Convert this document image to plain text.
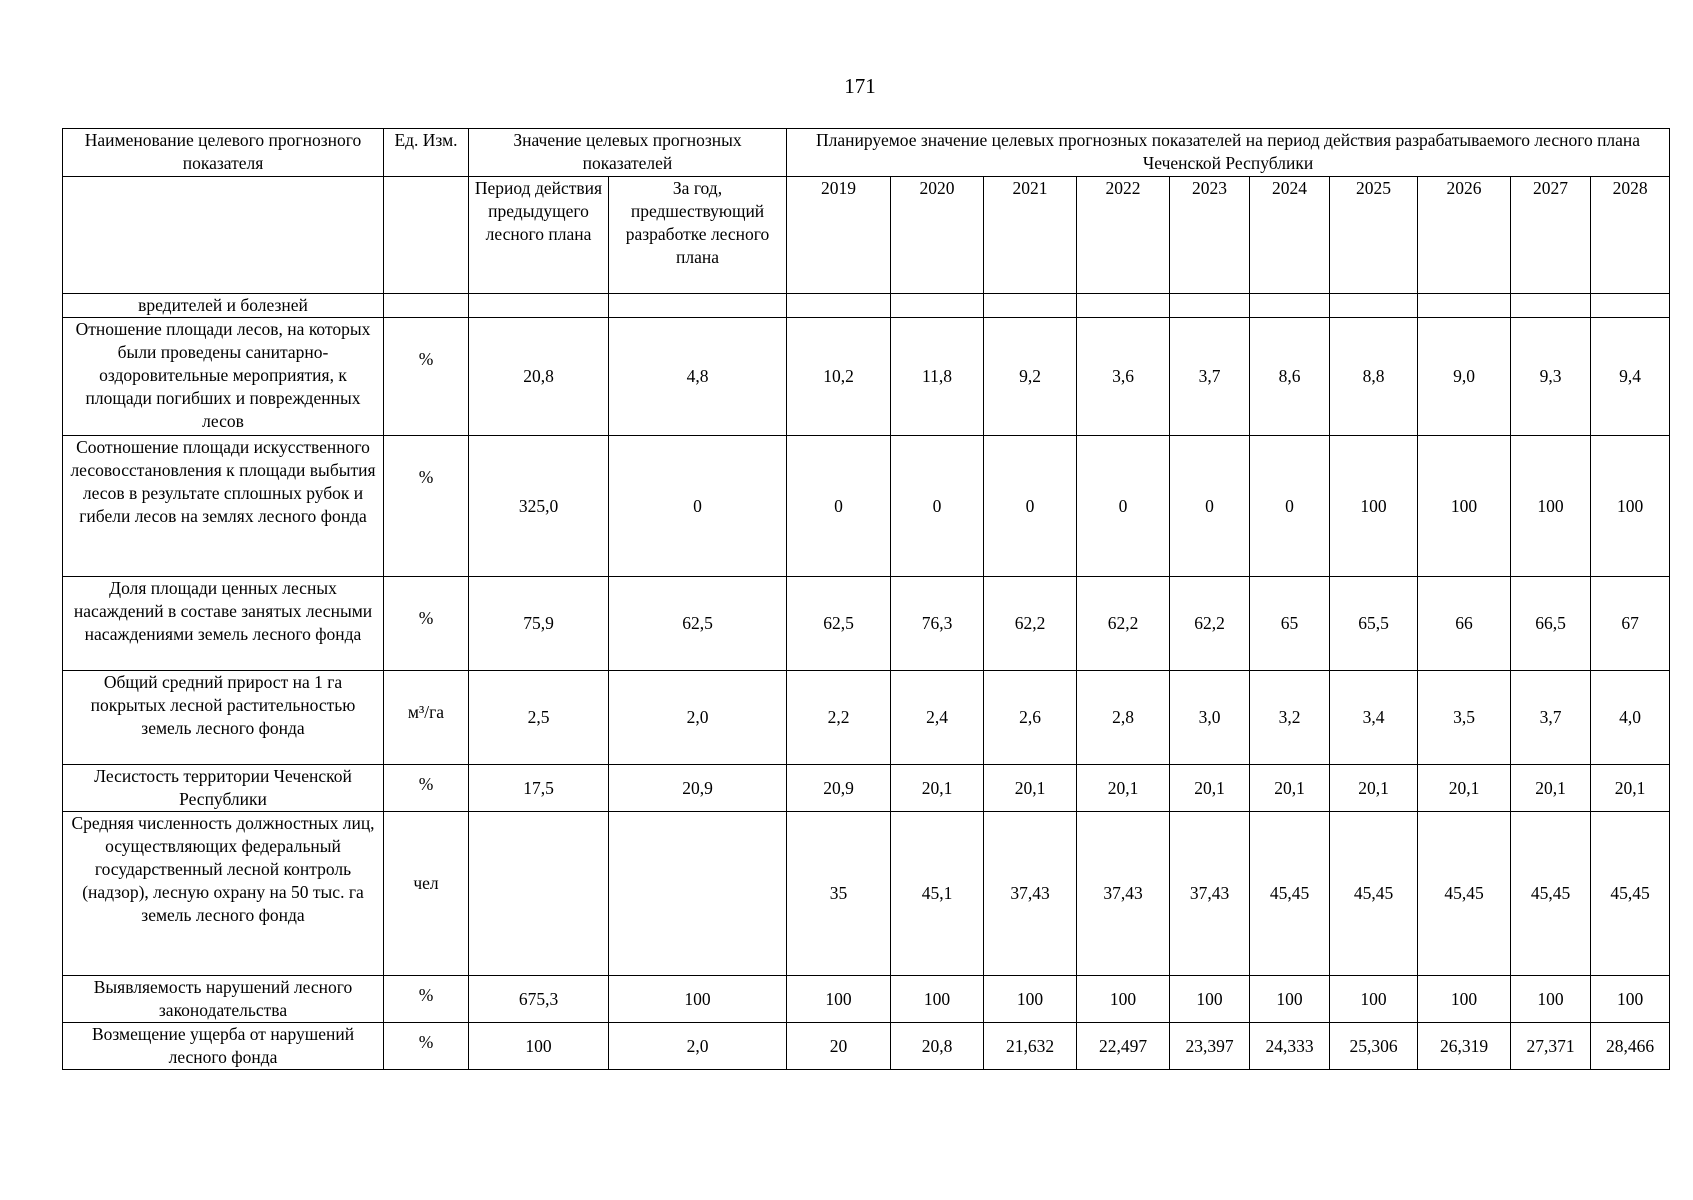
171
Наименование целевого прогнозного показателя	Ед. Изм.	Значение целевых прогнозных показателей		Планируемое значение целевых прогнозных показателей на период действия разрабатываемого лесного плана Чеченской Республики									
		Период действия предыдущего лесного плана	За год, предшествующий разработке лесного плана	2019	2020	2021	2022	2023	2024	2025	2026	2027	2028
вредителей и болезней													
Отношение площади лесов, на которых были проведены санитарно-оздоровительные мероприятия, к площади погибших и поврежденных лесов	%	20,8	4,8	10,2	11,8	9,2	3,6	3,7	8,6	8,8	9,0	9,3	9,4
Соотношение площади искусственного лесовосстановления к площади выбытия лесов в результате сплошных рубок и гибели лесов на землях лесного фонда	%	325,0	0	0	0	0	0	0	0	100	100	100	100
Доля площади ценных лесных насаждений в составе занятых лесными насаждениями земель лесного фонда	%	75,9	62,5	62,5	76,3	62,2	62,2	62,2	65	65,5	66	66,5	67
Общий средний прирост на 1 га покрытых лесной растительностью земель лесного фонда	м³/га	2,5	2,0	2,2	2,4	2,6	2,8	3,0	3,2	3,4	3,5	3,7	4,0
Лесистость территории Чеченской Республики	%	17,5	20,9	20,9	20,1	20,1	20,1	20,1	20,1	20,1	20,1	20,1	20,1
Средняя численность должностных лиц, осуществляющих федеральный государственный лесной контроль (надзор), лесную охрану на 50 тыс. га земель лесного фонда	чел			35	45,1	37,43	37,43	37,43	45,45	45,45	45,45	45,45	45,45
Выявляемость нарушений лесного законодательства	%	675,3	100	100	100	100	100	100	100	100	100	100	100
Возмещение ущерба от нарушений лесного фонда	%	100	2,0	20	20,8	21,632	22,497	23,397	24,333	25,306	26,319	27,371	28,466
